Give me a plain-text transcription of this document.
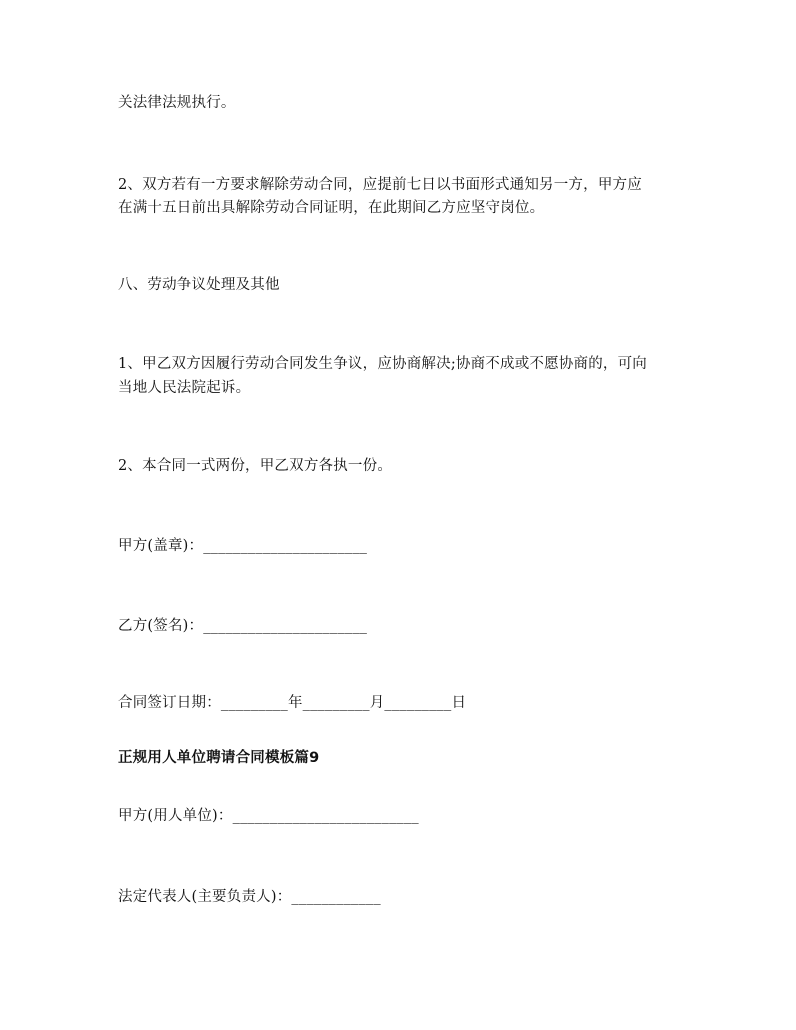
关法律法规执行。
2、双方若有一方要求解除劳动合同，应提前七日以书面形式通知另一方，甲方应
在满十五日前出具解除劳动合同证明，在此期间乙方应坚守岗位。
八、劳动争议处理及其他
1、甲乙双方因履行劳动合同发生争议，应协商解决;协商不成或不愿协商的，可向
当地人民法院起诉。
2、本合同一式两份，甲乙双方各执一份。
甲方(盖章)：______________________
乙方(签名)：______________________
合同签订日期：_________年_________月_________日
正规用人单位聘请合同模板篇9
甲方(用人单位)：_________________________
法定代表人(主要负责人)：____________
